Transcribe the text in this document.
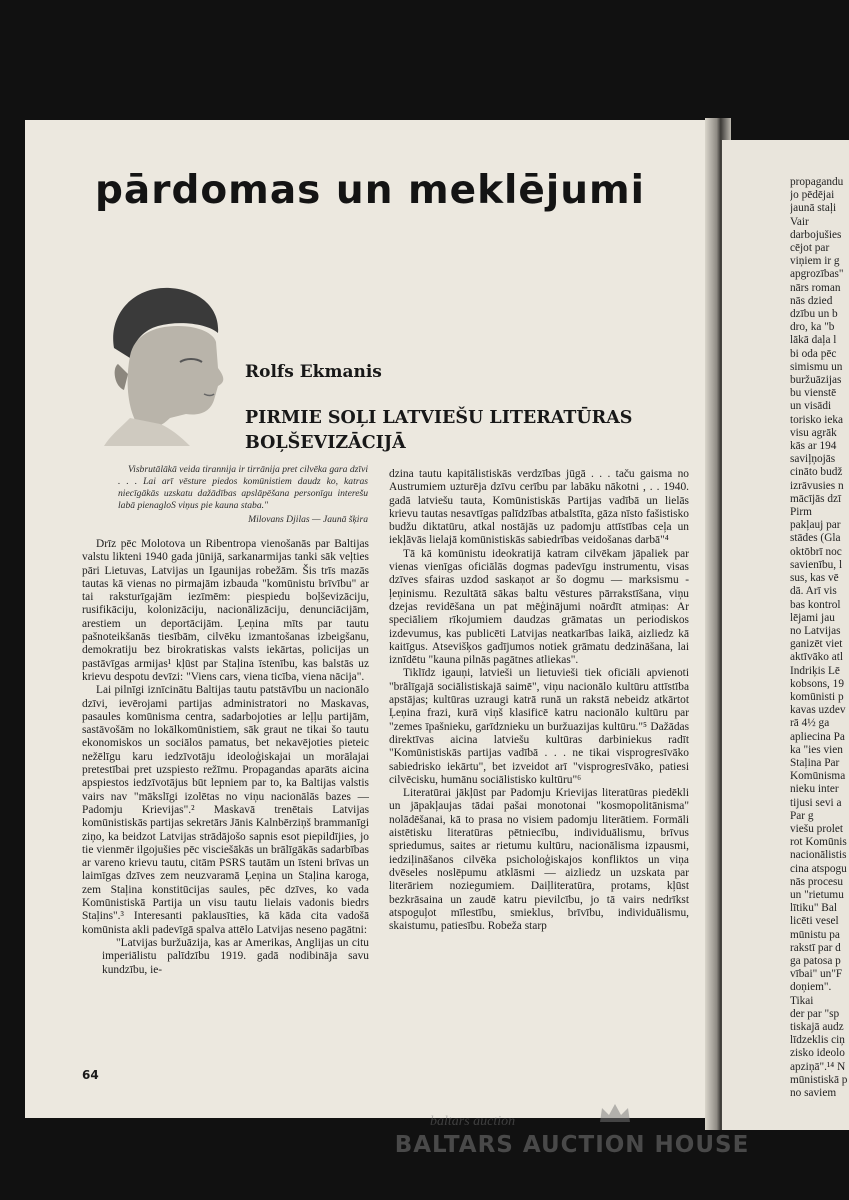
pārdomas un meklējumi
Rolfs Ekmanis
PIRMIE SOĻI LATVIEŠU LITERATŪRAS BOĻŠEVIZĀCIJĀ

Visbrutālākā veida tirannija ir tirrānija pret cilvēka gara dzīvi . . . Lai arī vēsture piedos komūnistiem daudz ko, katras niecīgākās uzskatu dažādības apslāpēšana personīgu interešu labā pienagloS viņus pie kauna staba."

Milovans Djilas — Jaunā šķira

Drīz pēc Molotova un Ribentropa vienošanās par Baltijas valstu likteni 1940 gada jūnijā, sarkanarmijas tanki sāk veļties pāri Lietuvas, Latvijas un Igaunijas robežām. Šis trīs mazās tautas kā vienas no pirmajām izbauda "komūnistu brīvību" ar tai raksturīgajām iezīmēm: piespiedu boļševizāciju, rusifikāciju, kolonizāciju, nacionālizāciju, denunciācijām, arestiem un deportācijām. Ļeņina mīts par tautu pašnoteikšanās tiesībām, cilvēku izmantošanas izbeigšanu, demokratiju bez birokratiskas valsts iekārtas, policijas un pastāvīgas armijas¹ kļūst par Staļina īstenību, kas balstās uz krievu despotu devīzi: "Viens cars, viena ticība, viena nācija".

Lai pilnīgi iznīcinātu Baltijas tautu patstāvību un nacionālo dzīvi, ievērojami partijas administratori no Maskavas, pasaules komūnisma centra, sadarbojoties ar leļļu partijām, sastāvošām no lokālkomūnistiem, sāk graut ne tikai šo tautu ekonomiskos un sociālos pamatus, bet nekavējoties pieteic nežēlīgu karu iedzīvotāju ideoloģiskajai un morālajai pretestībai pret uzspiesto režīmu. Propagandas aparāts aicina apspiestos iedzīvotājus būt lepniem par to, ka Baltijas valstis vairs nav "mākslīgi izolētas no viņu nacionālās bazes — Padomju Krievijas".² Maskavā trenētais Latvijas komūnistiskās partijas sekretārs Jānis Kalnbērziņš brammanīgi ziņo, ka beidzot Latvijas strādājošo sapnis esot piepildījies, jo tie vienmēr ilgojušies pēc visciešākās un brālīgākās sadarbības ar vareno krievu tautu, citām PSRS tautām un īsteni brīvas un laimīgas dzīves zem neuzvaramā Ļeņina un Staļina karoga, zem Staļina konstitūcijas saules, pēc dzīves, ko vada Komūnistiskā Partija un visu tautu lielais vadonis biedrs Staļins".³ Interesanti paklausīties, kā kāda cita vadošā komūnista akli padevīgā spalva attēlo Latvijas neseno pagātni:

"Latvijas buržuāzija, kas ar Amerikas, Anglijas un citu imperiālistu palīdzību 1919. gadā nodibināja savu kundzību, ie-

dzina tautu kapitālistiskās verdzības jūgā . . . taču gaisma no Austrumiem uzturēja dzīvu cerību par labāku nākotni , . . 1940. gadā latviešu tauta, Komūnistiskās Partijas vadībā un lielās krievu tautas nesavtīgas palīdzības atbalstīta, gāza nīsto fašistisko budžu diktatūru, atkal nostājās uz padomju attīstības ceļa un iekļāvās lielajā komūnistiskās sabiedrības veidošanas darbā"⁴

Tā kā komūnistu ideokratijā katram cilvēkam jāpaliek par vienas vienīgas oficiālās dogmas padevīgu instrumentu, visas dzīves sfairas uzdod saskaņot ar šo dogmu — marksismu - ļeņinismu. Rezultātā sākas baltu vēstures pārrakstīšana, viņu dzejas revidēšana un pat mēģinājumi noārdīt atmiņas: Ar speciāliem rīkojumiem daudzas grāmatas un periodiskos izdevumus, kas publicēti Latvijas neatkarības laikā, aizliedz kā kaitīgus. Atsevišķos gadījumos notiek grāmatu dedzināšana, lai iznīdētu "kauna pilnās pagātnes atliekas".

Tiklīdz igauņi, latvieši un lietuvieši tiek oficiāli apvienoti "brālīgajā sociālistiskajā saimē", viņu nacionālo kultūru attīstība apstājas; kultūras uzraugi katrā runā un rakstā nebeidz atkārtot Ļeņina frazi, kurā viņš klasificē katru nacionālo kultūru par "zemes īpašnieku, garīdznieku un buržuazijas kultūru."⁵ Dažādas direktīvas aicina latviešu kultūras darbiniekus radīt "Komūnistiskās partijas vadībā . . . ne tikai visprogresīvāko sabiedrisko iekārtu", bet izveidot arī "visprogresīvāko, patiesi cilvēcisku, humānu sociālistisko kultūru"⁶

Literatūrai jākļūst par Padomju Krievijas literatūras piedēkli un jāpakļaujas tādai pašai monotonai "kosmopolitānisma" nolādēšanai, kā to prasa no visiem padomju literātiem. Formāli aistētisku literatūras pētniecību, individuālismu, brīvus spriedumus, saites ar rietumu kultūru, nacionālisma izpausmi, iedziļināšanos cilvēka psicholoģiskajos konfliktos un viņa dvēseles noslēpumu atklāsmi — aizliedz un uzskata par literāriem noziegumiem. Daiļliteratūra, protams, kļūst bezkrāsaina un zaudē katru pievilcību, jo tā vairs nedrīkst atspoguļot mīlestību, smieklus, brīvību, individuālismu, skaistumu, patiesību. Robeža starp

64
propagandu
jo pēdējai
jaunā staļi
Vair
darbojušies
cējot par
viņiem ir g
apgrozības"
nārs roman
nās dzied
dzību un b
dro, ka "b
lākā daļa l
bi oda pēc
simismu un
buržuāzijas
bu vienstē
un visādi
torisko ieka
visu agrāk
kās ar 194
saviļņojās
cināto budž
izrāvusies n
mācījās dzī
Pirm
pakļauj par
stādes (Gla
oktōbrī noc
savienību, l
sus, kas vē
dā. Arī vis
bas kontrol
lējami jau
no Latvijas
ganizēt viet
aktīvāko atl
Indriķis Lē
kobsons, 19
komūnisti p
kavas uzdev
rā 4½ ga
aplieсina Pa
ka "ies vien
Staļina Par
Komūnisma
nieku inter
tijusi sevi a
Par g
viešu prolet
rot Komūnis
nacionālistis
cina atspogu
nās procesu
un "rietumu
lītiku" Bal
licēti vesel
mūnistu pa
rakstī par d
ga patosa p
vībai" un"F
doņiem".
Tikai
der par "sp
tiskajā audz
līdzeklis ciņ
zisko ideolo
apziņā".¹⁴ N
mūnistiskā p
no saviem
baltars auction
BALTARS AUCTION HOUSE
